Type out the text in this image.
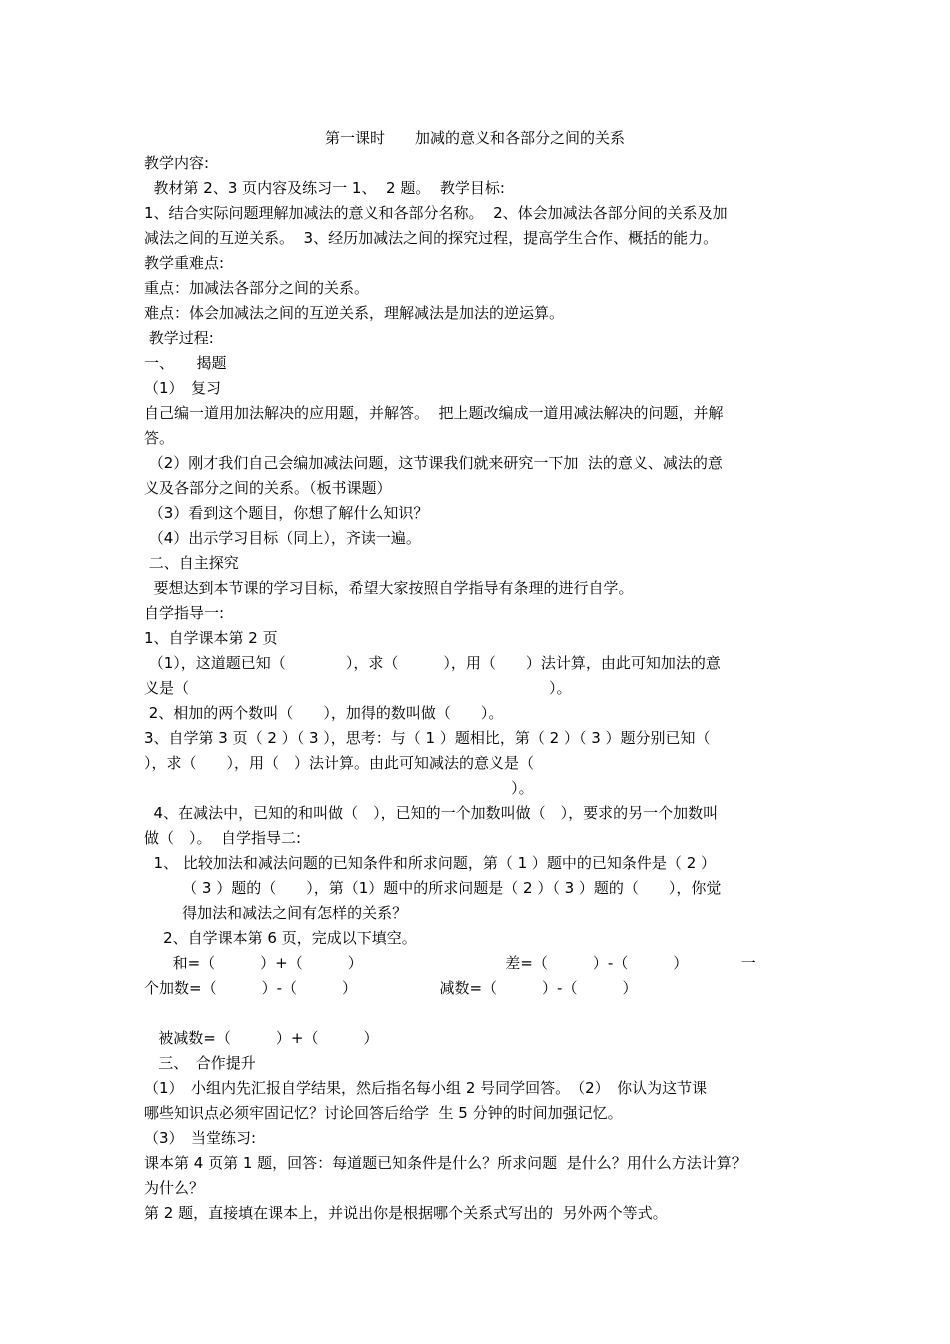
第一课时　　加减的意义和各部分之间的关系
教学内容:
教材第 2、3 页内容及练习一 1、  2 题。  教学目标:
1、结合实际问题理解加减法的意义和各部分名称。  2、体会加减法各部分间的关系及加
减法之间的互逆关系。  3、经历加减法之间的探究过程，提高学生合作、概括的能力。
教学重难点:
重点：加减法各部分之间的关系。
难点：体会加减法之间的互逆关系，理解减法是加法的逆运算。
教学过程:
一、　　揭题
（1）　复习
自己编一道用加法解决的应用题，并解答。  把上题改编成一道用减法解决的问题，并解
答。
（2）刚才我们自己会编加减法问题，这节课我们就来研究一下加  法的意义、减法的意
义及各部分之间的关系。（板书课题）
（3）看到这个题目，你想了解什么知识？
（4）出示学习目标（同上），齐读一遍。
二、自主探究
要想达到本节课的学习目标，希望大家按照自学指导有条理的进行自学。
自学指导一:
1、自学课本第 2 页
（1），这道题已知（　　　　），求（　　　），用（　　）法计算，由此可知加法的意
义是（　　　　　　　　　　　　　　　　　　　　　　　　）。
2、相加的两个数叫（　　），加得的数叫做（　　）。
3、自学第 3 页（ 2 ）（ 3 ），思考：与（ 1 ）题相比，第（ 2 ）（ 3 ）题分别已知（
），求（　　），用（　）法计算。由此可知减法的意义是（
）。
4、在减法中，已知的和叫做（　），已知的一个加数叫做（　），要求的另一个加数叫
做（　）。  自学指导二:
1、 比较加法和减法问题的已知条件和所求问题，第（ 1 ）题中的已知条件是（ 2 ）
（ 3 ）题的（　　），第（1）题中的所求问题是（ 2 ）（ 3 ）题的（　　），你觉
得加法和减法之间有怎样的关系？
2、自学课本第 6 页，完成以下填空。
和=（　　　）+（　　　）　　　　　　　　　　差=（　　　）-（　　　）　　　　一
个加数=（　　　）-（　　　）　　　　　　减数=（　　　）-（　　　）
被减数=（　　　）+（　　　）
三、　合作提升
（1）　小组内先汇报自学结果，然后指名每小组 2 号同学回答。　（2）　你认为这节课
哪些知识点必须牢固记忆？讨论回答后给学  生 5 分钟的时间加强记忆。
（3）　当堂练习:
课本第 4 页第 1 题，回答：每道题已知条件是什么？所求问题  是什么？用什么方法计算？
为什么？
第 2 题，直接填在课本上，并说出你是根据哪个关系式写出的  另外两个等式。
